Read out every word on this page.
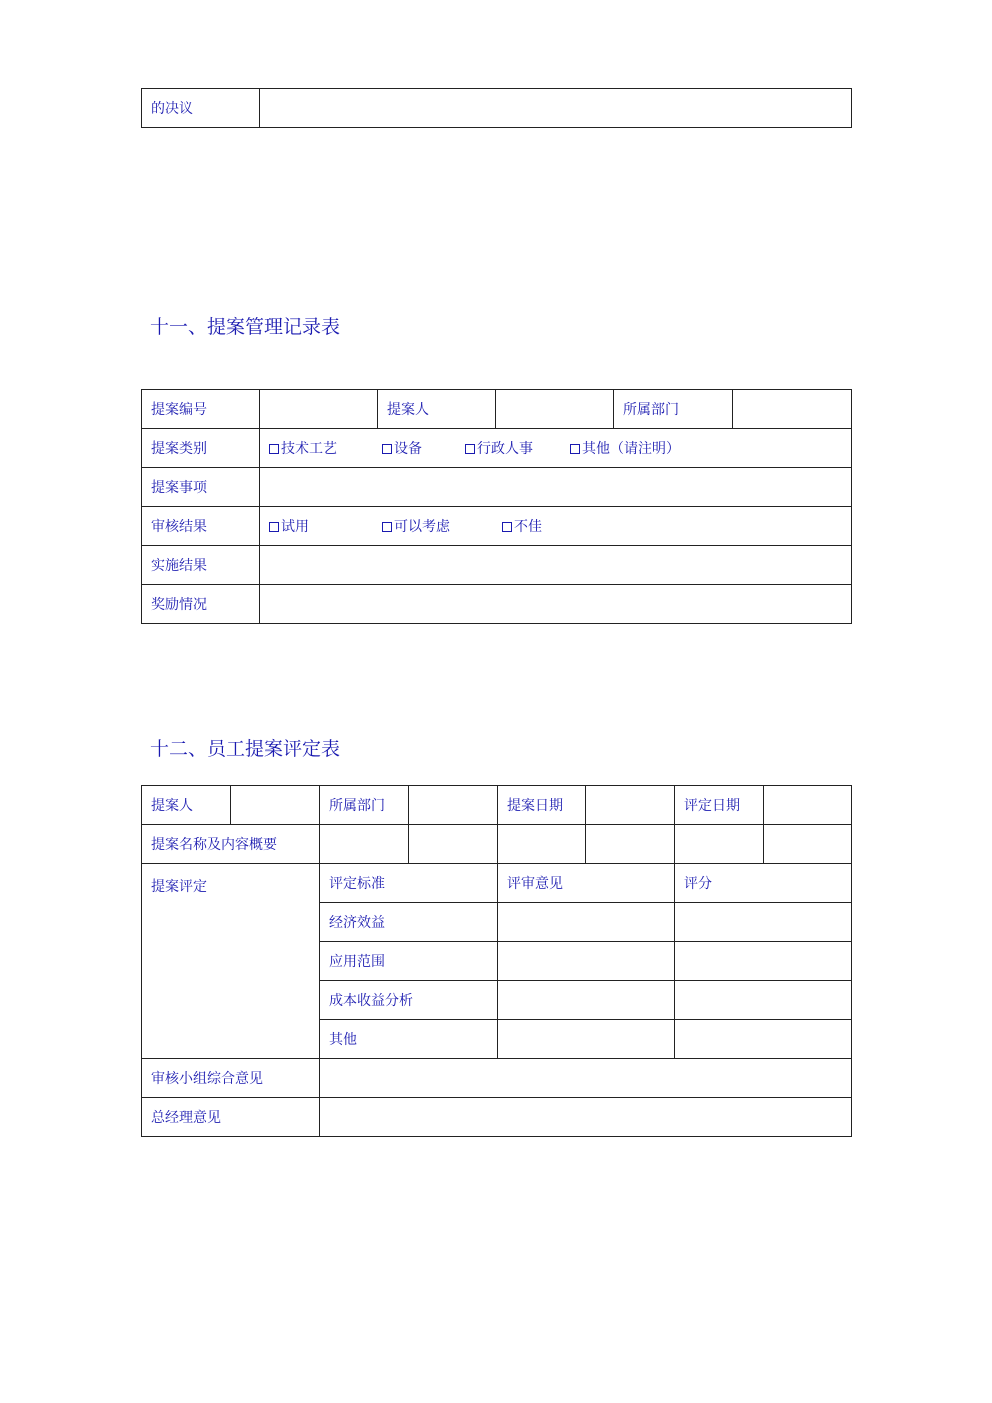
的决议	
十一、提案管理记录表
提案编号		提案人		所属部门	
提案类别	技术工艺 设备 行政人事 其他（请注明）				
提案事项					
审核结果	试用 可以考虑 不佳				
实施结果					
奖励情况					
十二、员工提案评定表
提案人		所属部门		提案日期		评定日期	
提案名称及内容概要							
提案评定		评定标准		评审意见		评分	
		经济效益					
		应用范围					
		成本收益分析					
		其他					
审核小组综合意见							
总经理意见							
